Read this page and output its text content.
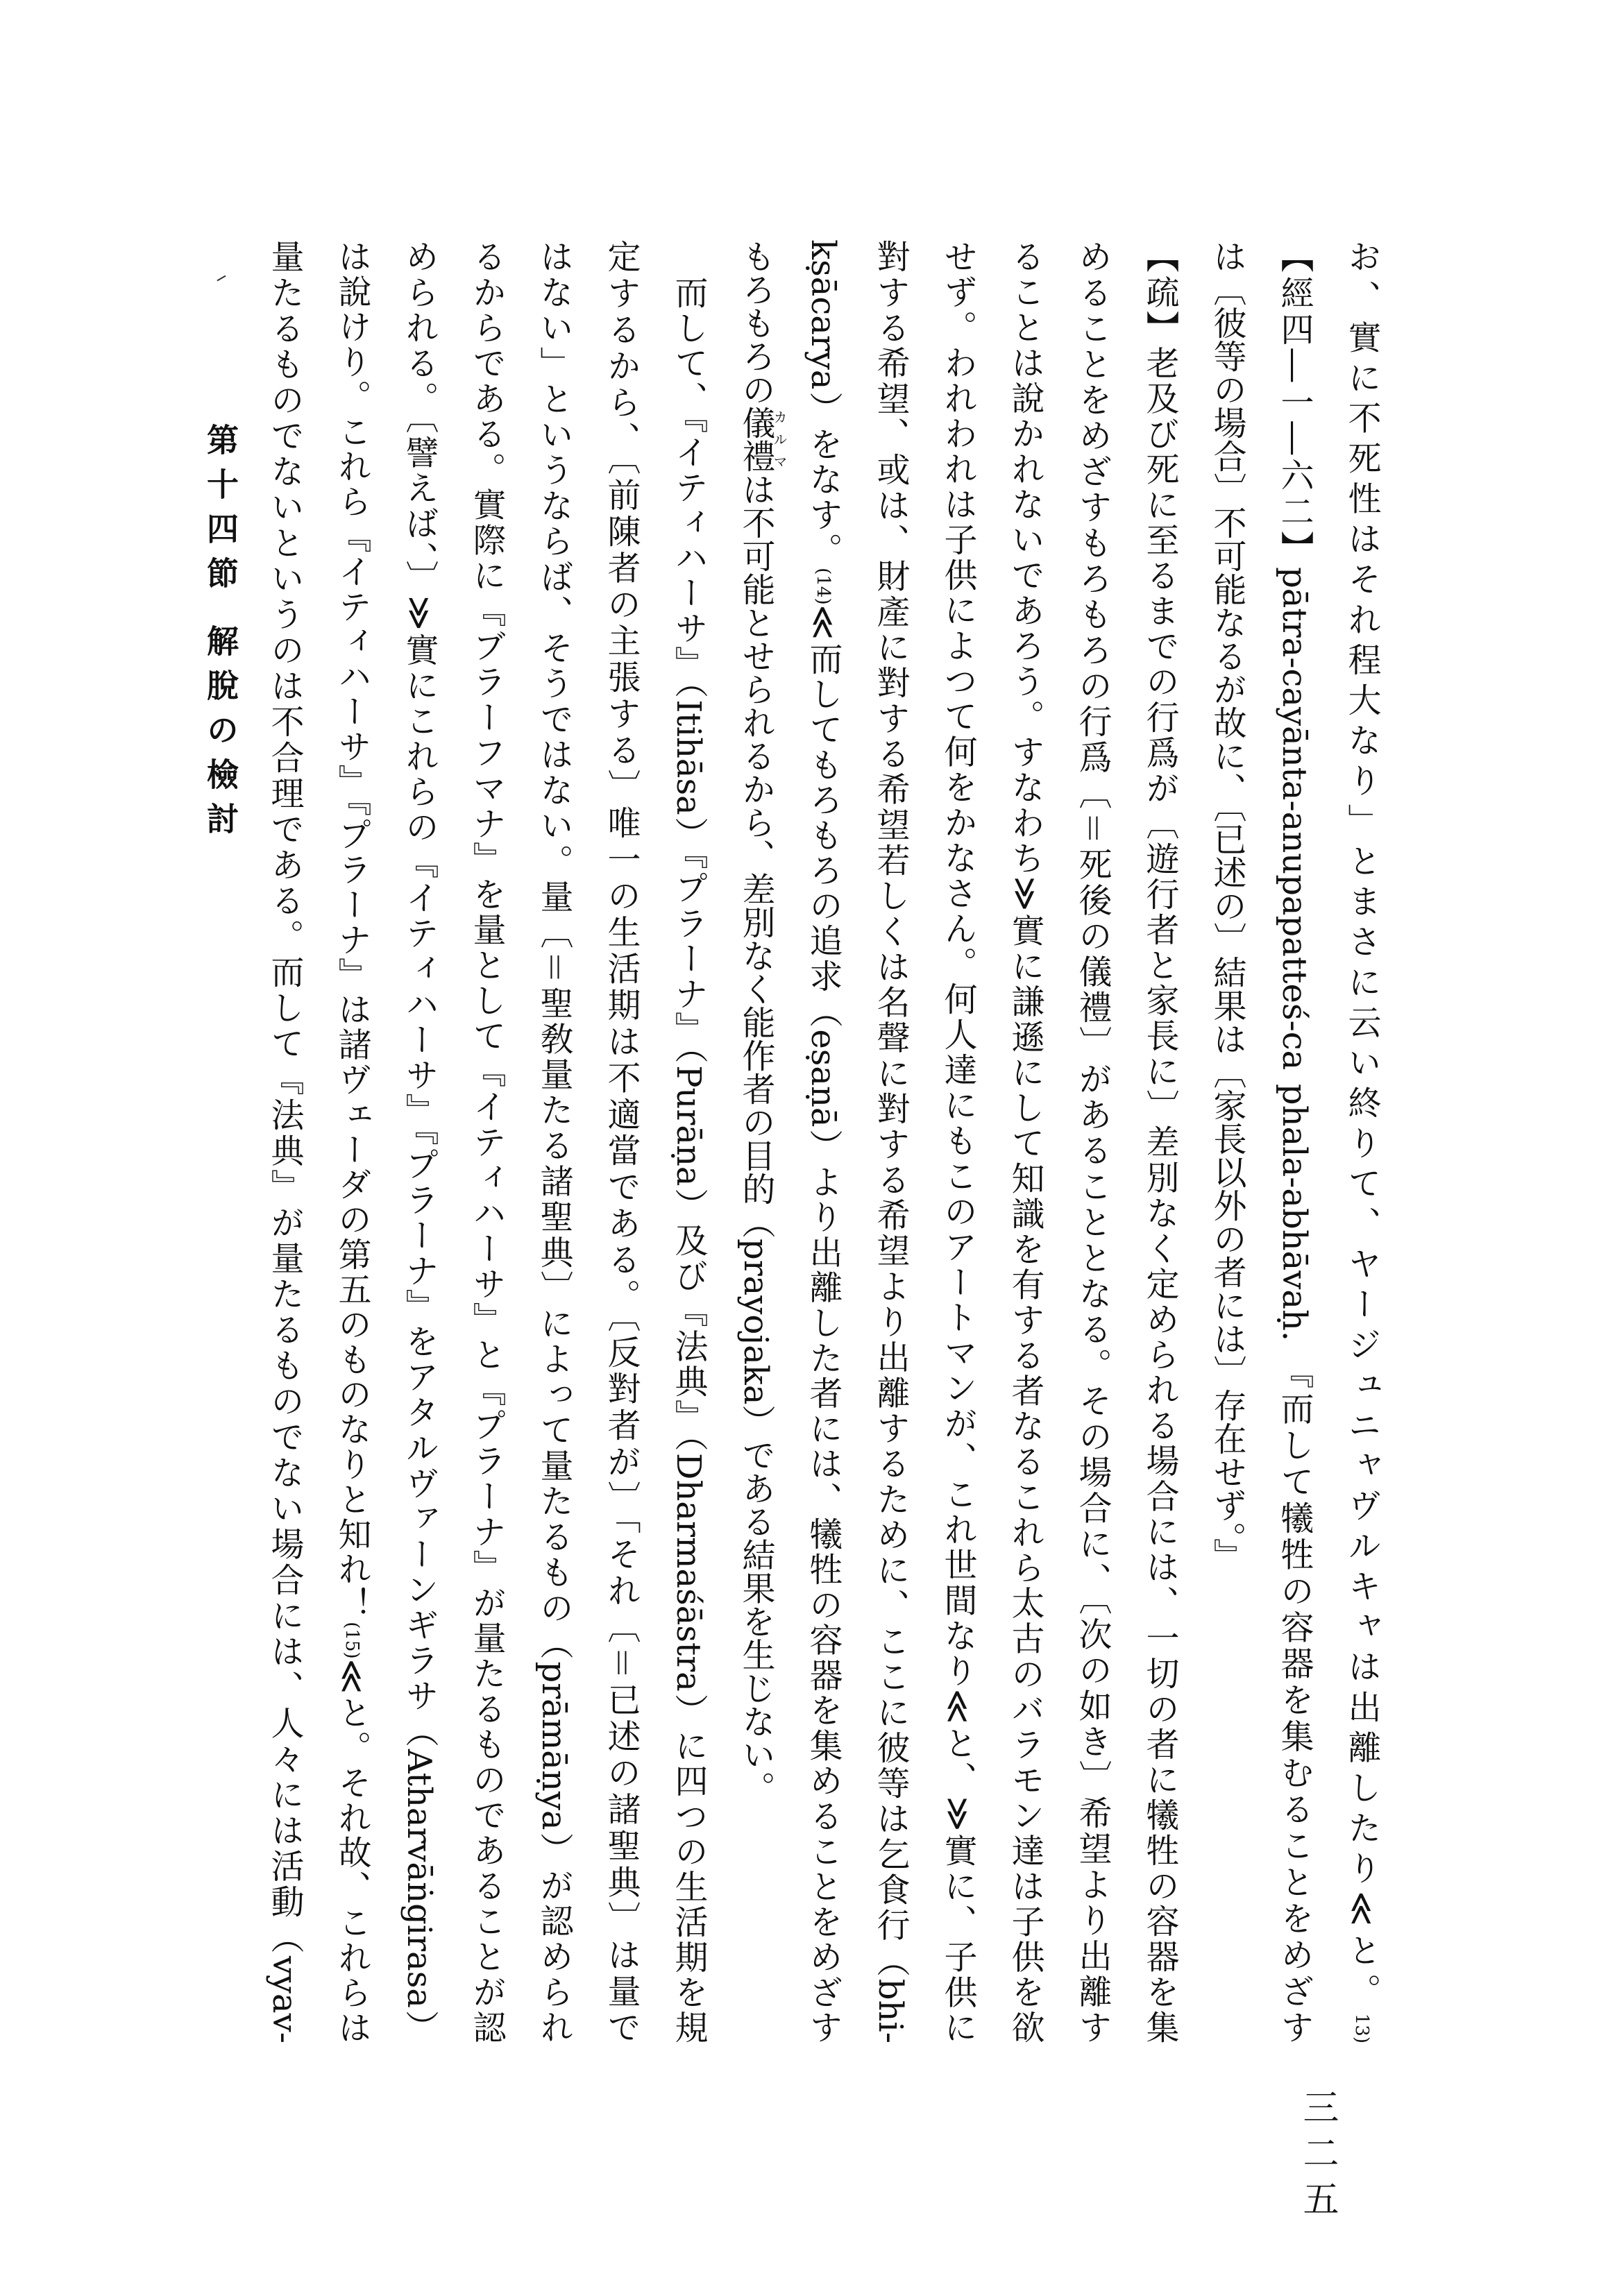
お、實に不死性はそれ程大なり」とまさに云い終りて、ヤージュニャヴルキャは出離したり≪と。13)
【經四―一―六二】pātra-cayānta-anupapatteś-ca phala-abhāvaḥ. 『而して犧牲の容器を集むることをめざす
は〔彼等の場合〕不可能なるが故に、〔已述の〕結果は〔家長以外の者には〕存在せず。』
【疏】老及び死に至るまでの行爲が〔遊行者と家長に〕差別なく定められる場合には、一切の者に犧牲の容器を集
めることをめざすもろもろの行爲〔＝死後の儀禮〕があることとなる。その場合に、〔次の如き〕希望より出離す
ることは說かれないであろう。すなわち≫實に謙遜にして知識を有する者なるこれら太古のバラモン達は子供を欲
せず。われわれは子供によつて何をかなさん。何人達にもこのアートマンが、これ世間なり≪と、≫實に、子供に
對する希望、或は、財產に對する希望若しくは名聲に對する希望より出離するために、ここに彼等は乞食行（bhi-
kṣācarya）をなす。(14)≪而してもろもろの追求（eṣaṇā）より出離した者には、犧牲の容器を集めることをめざす
もろもろの儀禮カルマは不可能とせられるから、差別なく能作者の目的（prayojaka）である結果を生じない。
而して、『イティハーサ』（Itihāsa）『プラーナ』（Purāṇa）及び『法典』（Dharmaśāstra）に四つの生活期を規
定するから、〔前陳者の主張する〕唯一の生活期は不適當である。〔反對者が〕「それ〔＝已述の諸聖典〕は量で
はない」というならば、そうではない。量〔＝聖敎量たる諸聖典〕によって量たるもの（prāmāṇya）が認められ
るからである。實際に『ブラーフマナ』を量として『イティハーサ』と『プラーナ』が量たるものであることが認
められる。〔譬えば、〕≫實にこれらの『イティハーサ』『プラーナ』をアタルヴァーンギラサ（Atharvāṅgirasa）
は說けり。これら『イティハーサ』『プラーナ』は諸ヴェーダの第五のものなりと知れ！(15)≪と。それ故、これらは
量たるものでないというのは不合理である。而して『法典』が量たるものでない場合には、人々には活動（vyav-
第十四節 解脫の檢討
三二五
